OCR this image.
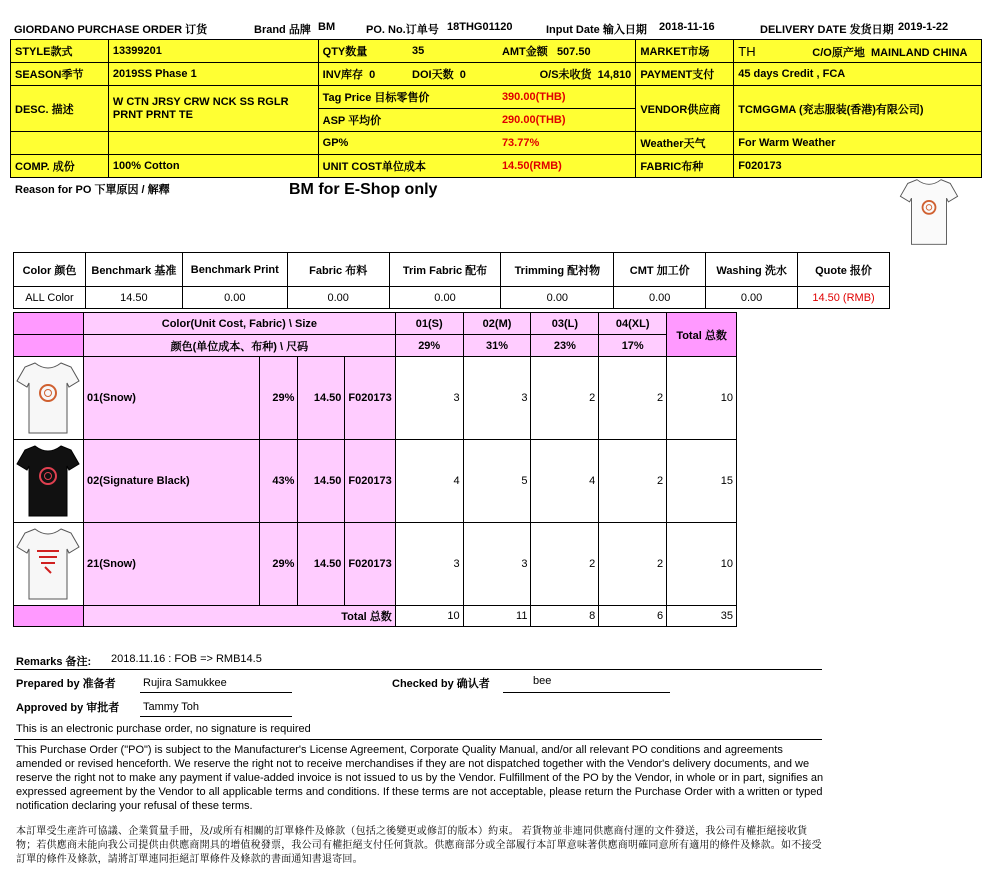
GIORDANO PURCHASE ORDER 订货	Brand 品牌 BM	PO. No.订单号 18THG01120	Input Date 输入日期 2018-11-16	DELIVERY DATE 发货日期 2019-1-22
STYLE款式	13399201	QTY数量	35	AMT金额 507.50	MARKET市场	TH C/O原产地 MAINLAND CHINA

SEASON季节	2019SS Phase 1	INV库存 0	DOI天数 0	O/S未收货 14,810	PAYMENT支付	45 days Credit , FCA
DESC. 描述	W CTN JRSY CRW NCK SS RGLR PRNT PRNT TE	Tag Price 目标零售价		390.00(THB)	VENDOR供应商	TCMGGMA (兖志服装(香港)有限公司)
		ASP 平均价		290.00(THB)		
		GP%		73.77%	Weather天气	For Warm Weather
COMP. 成份	100% Cotton	UNIT COST单位成本		14.50(RMB)	FABRIC布种	F020173
Reason for PO 下單原因 / 解釋	BM for E-Shop only
Color 颜色	Benchmark 基准	Benchmark Print	Fabric 布料	Trim Fabric 配布	Trimming 配衬物	CMT 加工价	Washing 洗水	Quote 报价
ALL Color	14.50	0.00	0.00	0.00	0.00	0.00	0.00	14.50 (RMB)
	Color(Unit Cost, Fabric) \ Size				01(S)	02(M)	03(L)	04(XL)	Total 总数
	颜色(单位成本、布种) \ 尺码				29%	31%	23%	17%	

	01(Snow)	29%	14.50	F020173	3	3	2	2	10

	02(Signature Black)	43%	14.50	F020173	4	5	4	2	15

	21(Snow)	29%	14.50	F020173	3	3	2	2	10
	Total 总数				10	11	8	6	35
Remarks 备注: 2018.11.16 : FOB => RMB14.5
Prepared by 准备者 Rujira Samukkee	Checked by 确认者	bee
Approved by 审批者 Tammy Toh
This is an electronic purchase order, no signature is required
This Purchase Order ("PO") is subject to the Manufacturer's License Agreement, Corporate Quality Manual, and/or all relevant PO conditions and agreements amended or revised henceforth. We reserve the right not to receive merchandises if they are not dispatched together with the Vendor's delivery documents, and we reserve the right not to make any payment if value-added invoice is not issued to us by the Vendor. Fulfillment of the PO by the Vendor, in whole or in part, signifies an expressed agreement by the Vendor to all applicable terms and conditions. If these terms are not acceptable, please return the Purchase Order with a written or typed notification declaring your refusal of these terms.
本訂單受生產許可協議、企業質量手冊，及/或所有相關的訂單條件及條款（包括之後變更或修訂的版本）約束。 若貨物並非連同供應商付運的文件發送，我公司有權拒絕接收貨物；若供應商未能向我公司提供由供應商開具的增值稅發票，我公司有權拒絕支付任何貨款。供應商部分或全部履行本訂單意味著供應商明確同意所有適用的條件及條款。如不接受訂單的條件及條款，請將訂單連同拒絕訂單條件及條款的書面通知書退寄回。
